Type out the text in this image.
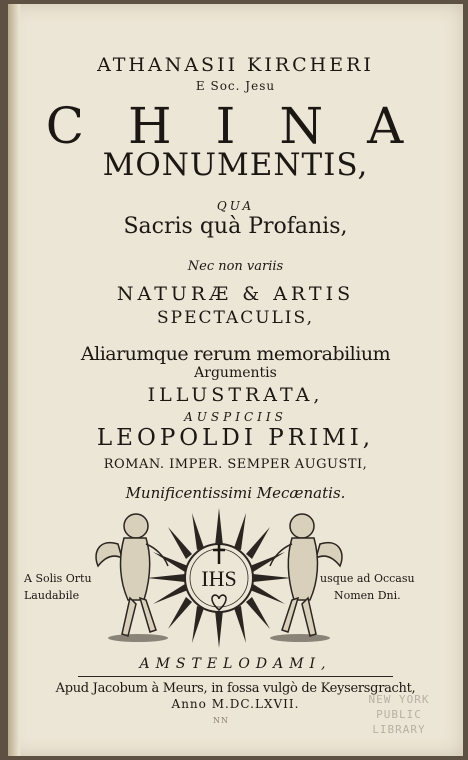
ATHANASII KIRCHERI
E Soc. Jesu
CHINA
MONUMENTIS,
QUA
Sacris quà Profanis,
Nec non variis
NATURÆ & ARTIS
SPECTACULIS,
Aliarumque rerum memorabilium
Argumentis
ILLUSTRATA,
AUSPICIIS
LEOPOLDI PRIMI,
ROMAN. IMPER. SEMPER AUGUSTI,
Munificentissimi Mecænatis.
IHS
A Solis Ortu
Laudabile
usque ad Occasu
Nomen Dni.
AMSTELODAMI,
Apud Jacobum à Meurs, in fossa vulgò de Keysersgracht,
Anno M.DC.LXVII.
NN
NEW YORK
PUBLIC
LIBRARY
